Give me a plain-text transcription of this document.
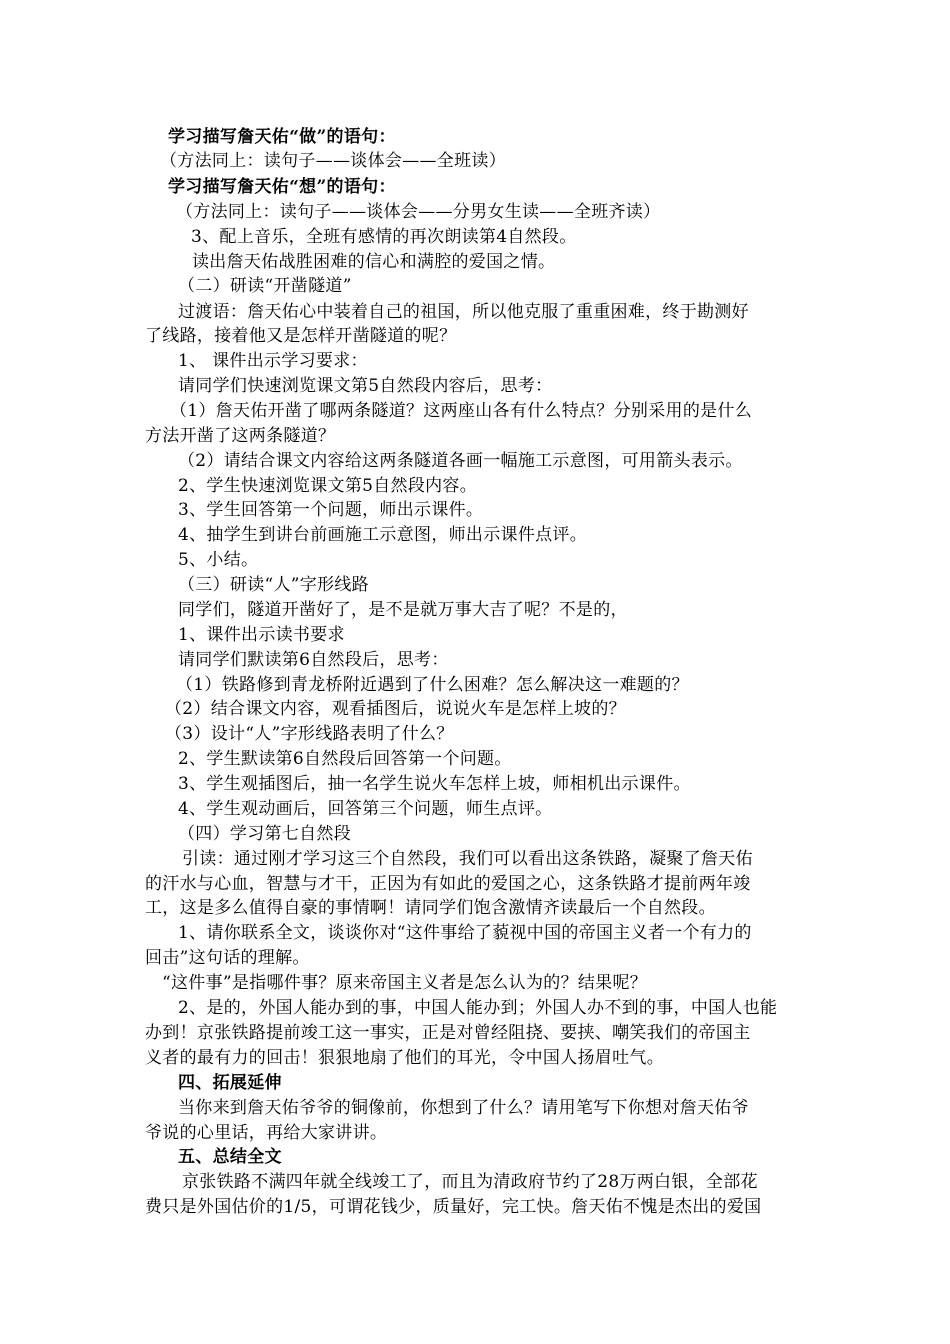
学习描写詹天佑“做”的语句：
（方法同上：读句子——谈体会——全班读）
学习描写詹天佑“想”的语句：
（方法同上：读句子——谈体会——分男女生读——全班齐读）
3、配上音乐，全班有感情的再次朗读第4自然段。
读出詹天佑战胜困难的信心和满腔的爱国之情。
（二）研读“开凿隧道”
过渡语：詹天佑心中装着自己的祖国，所以他克服了重重困难，终于勘测好
了线路，接着他又是怎样开凿隧道的呢？
1、 课件出示学习要求：
请同学们快速浏览课文第5自然段内容后，思考：
（1）詹天佑开凿了哪两条隧道？这两座山各有什么特点？分别采用的是什么
方法开凿了这两条隧道？
（2）请结合课文内容给这两条隧道各画一幅施工示意图，可用箭头表示。
2、学生快速浏览课文第5自然段内容。
3、学生回答第一个问题，师出示课件。
4、抽学生到讲台前画施工示意图，师出示课件点评。
5、小结。
（三）研读“人”字形线路
同学们，隧道开凿好了，是不是就万事大吉了呢？不是的，
1、课件出示读书要求
请同学们默读第6自然段后，思考：
（1）铁路修到青龙桥附近遇到了什么困难？怎么解决这一难题的？
（2）结合课文内容，观看插图后，说说火车是怎样上坡的？
（3）设计“人”字形线路表明了什么？
2、学生默读第6自然段后回答第一个问题。
3、学生观插图后，抽一名学生说火车怎样上坡，师相机出示课件。
4、学生观动画后，回答第三个问题，师生点评。
（四）学习第七自然段
引读：通过刚才学习这三个自然段，我们可以看出这条铁路，凝聚了詹天佑
的汗水与心血，智慧与才干，正因为有如此的爱国之心，这条铁路才提前两年竣
工，这是多么值得自豪的事情啊！请同学们饱含激情齐读最后一个自然段。
1、请你联系全文，谈谈你对“这件事给了藐视中国的帝国主义者一个有力的
回击”这句话的理解。
“这件事”是指哪件事？原来帝国主义者是怎么认为的？结果呢？
2、是的，外国人能办到的事，中国人能办到；外国人办不到的事，中国人也能
办到！京张铁路提前竣工这一事实，正是对曾经阻挠、要挟、嘲笑我们的帝国主
义者的最有力的回击！狠狠地扇了他们的耳光，令中国人扬眉吐气。
四、拓展延伸
当你来到詹天佑爷爷的铜像前，你想到了什么？请用笔写下你想对詹天佑爷
爷说的心里话，再给大家讲讲。
五、总结全文
京张铁路不满四年就全线竣工了，而且为清政府节约了28万两白银，全部花
费只是外国估价的1/5，可谓花钱少，质量好，完工快。詹天佑不愧是杰出的爱国
